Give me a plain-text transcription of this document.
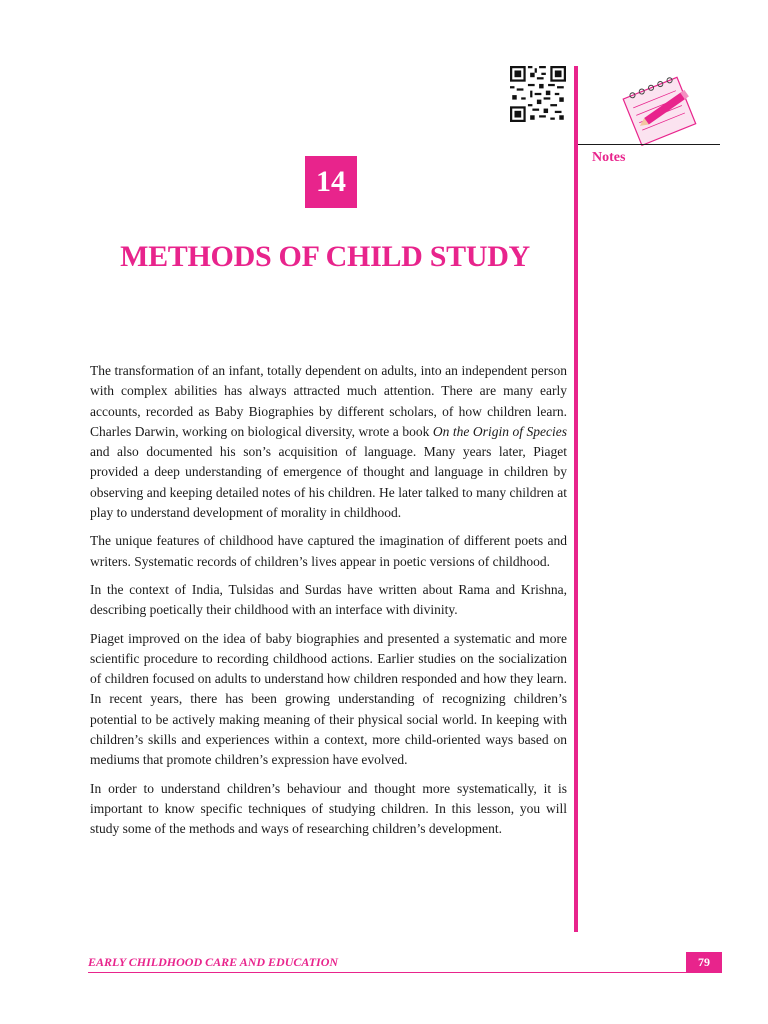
Notes
14
METHODS OF CHILD STUDY

The transformation of an infant, totally dependent on adults, into an independent person with complex abilities has always attracted much attention. There are many early accounts, recorded as Baby Biographies by different scholars, of how children learn. Charles Darwin, working on biological diversity, wrote a book On the Origin of Species and also documented his son’s acquisition of language. Many years later, Piaget provided a deep understanding of emergence of thought and language in children by observing and keeping detailed notes of his children. He later talked to many children at play to understand development of morality in childhood.

The unique features of childhood have captured the imagination of different poets and writers. Systematic records of children’s lives appear in poetic versions of childhood.

In the context of India, Tulsidas and Surdas have written about Rama and Krishna, describing poetically their childhood with an interface with divinity.

Piaget improved on the idea of baby biographies and presented a systematic and more scientific procedure to recording childhood actions. Earlier studies on the socialization of children focused on adults to understand how children responded and how they learn. In recent years, there has been growing understanding of recognizing children’s potential to be actively making meaning of their physical social world. In keeping with children’s skills and experiences within a context, more child-oriented ways based on mediums that promote children’s expression have evolved.

In order to understand children’s behaviour and thought more systematically, it is important to know specific techniques of studying children. In this lesson, you will study some of the methods and ways of researching children’s development.

EARLY CHILDHOOD CARE AND EDUCATION	79
